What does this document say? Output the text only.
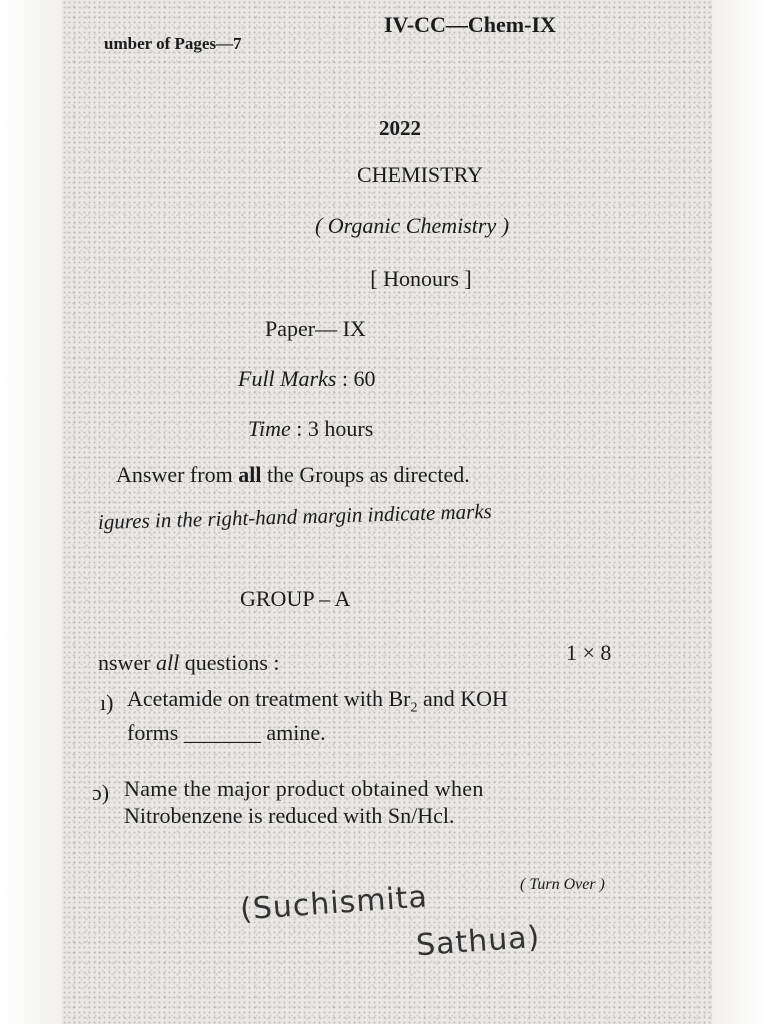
umber of Pages—7
IV-CC—Chem-IX
2022
CHEMISTRY
( Organic Chemistry )
[ Honours ]
Paper— IX
Full Marks : 60
Time : 3 hours
Answer from all the Groups as directed.
igures in the right-hand margin indicate marks
GROUP – A
nswer all questions :	1 × 8
ı) Acetamide on treatment with $Br_2$ and KOH
forms _______ amine.
ɔ) Name the major product obtained when
Nitrobenzene is reduced with Sn/Hcl.
( Turn Over )
(Suchismita
Sathua)
